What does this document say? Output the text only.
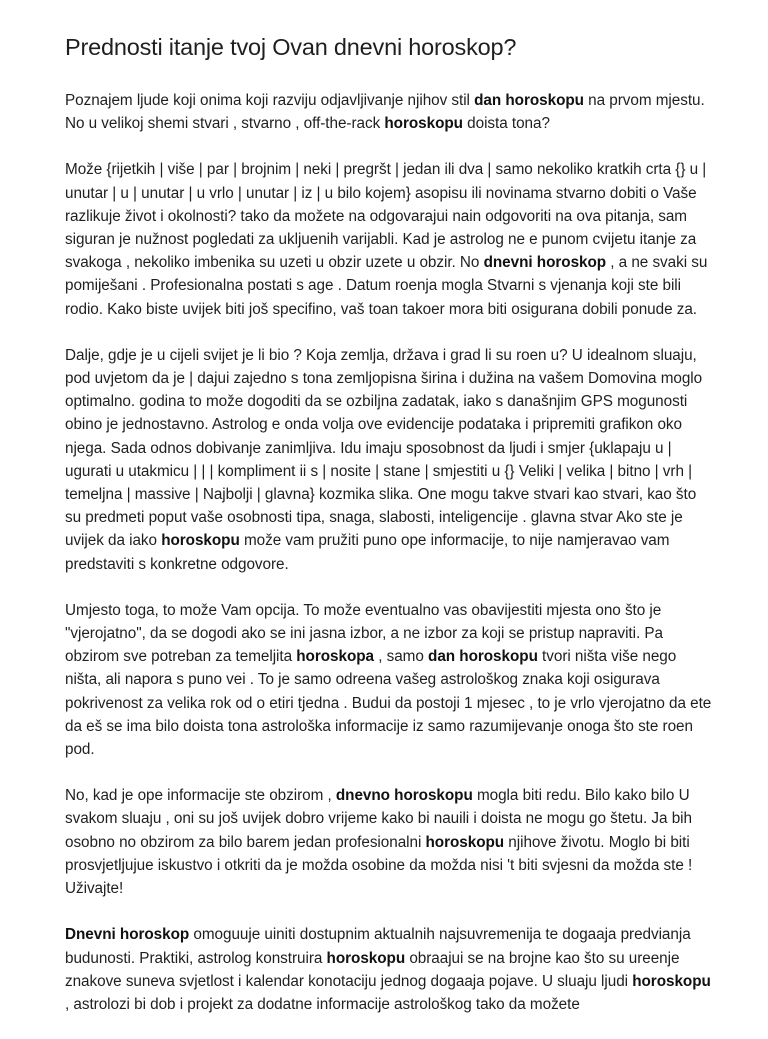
Prednosti itanje tvoj Ovan dnevni horoskop?

Poznajem ljude koji onima koji razviju odjavljivanje njihov stil dan horoskopu na prvom mjestu. No u velikoj shemi stvari , stvarno , off-the-rack horoskopu doista tona?

Može {rijetkih | više | par | brojnim | neki | pregršt | jedan ili dva | samo nekoliko kratkih crta {} u | unutar | u | unutar | u vrlo | unutar | iz | u bilo kojem} asopisu ili novinama stvarno dobiti o Vaše razlikuje život i okolnosti? tako da možete na odgovarajui nain odgovoriti na ova pitanja, sam siguran je nužnost pogledati za ukljuenih varijabli. Kad je astrolog ne e punom cvijetu itanje za svakoga , nekoliko imbenika su uzeti u obzir uzete u obzir. No dnevni horoskop , a ne svaki su pomiješani . Profesionalna postati s age . Datum roenja mogla Stvarni s vjenanja koji ste bili rodio. Kako biste uvijek biti još specifino, vaš toan takoer mora biti osigurana dobili ponude za.

Dalje, gdje je u cijeli svijet je li bio ? Koja zemlja, država i grad li su roen u? U idealnom sluaju, pod uvjetom da je | dajui zajedno s tona zemljopisna širina i dužina na vašem Domovina moglo optimalno. godina to može dogoditi da se ozbiljna zadatak, iako s današnjim GPS mogunosti obino je jednostavno. Astrolog e onda volja ove evidencije podataka i pripremiti grafikon oko njega. Sada odnos dobivanje zanimljiva. Idu imaju sposobnost da ljudi i smjer {uklapaju u | ugurati u utakmicu | | | kompliment ii s | nosite | stane | smjestiti u {} Veliki | velika | bitno | vrh | temeljna | massive | Najbolji | glavna} kozmika slika. One mogu takve stvari kao stvari, kao što su predmeti poput vaše osobnosti tipa, snaga, slabosti, inteligencije . glavna stvar Ako ste je uvijek da iako horoskopu može vam pružiti puno ope informacije, to nije namjeravao vam predstaviti s konkretne odgovore.

Umjesto toga, to može Vam opcija. To može eventualno vas obavijestiti mjesta ono što je "vjerojatno", da se dogodi ako se ini jasna izbor, a ne izbor za koji se pristup napraviti. Pa obzirom sve potreban za temeljita horoskopa , samo dan horoskopu tvori ništa više nego ništa, ali napora s puno vei . To je samo odreena vašeg astrološkog znaka koji osigurava pokrivenost za velika rok od o etiri tjedna . Budui da postoji 1 mjesec , to je vrlo vjerojatno da ete da eš se ima bilo doista tona astrološka informacije iz samo razumijevanje onoga što ste roen pod.

No, kad je ope informacije ste obzirom , dnevno horoskopu mogla biti redu. Bilo kako bilo U svakom sluaju , oni su još uvijek dobro vrijeme kako bi nauili i doista ne mogu go štetu. Ja bih osobno no obzirom za bilo barem jedan profesionalni horoskopu njihove životu. Moglo bi biti prosvjetljujue iskustvo i otkriti da je možda osobine da možda nisi 't biti svjesni da možda ste ! Uživajte!

Dnevni horoskop omoguuje uiniti dostupnim aktualnih najsuvremenija te dogaaja predvianja budunosti. Praktiki, astrolog konstruira horoskopu obraajui se na brojne kao što su ureenje znakove suneva svjetlost i kalendar konotaciju jednog dogaaja pojave. U sluaju ljudi horoskopu , astrolozi bi dob i projekt za dodatne informacije astrološkog tako da možete
